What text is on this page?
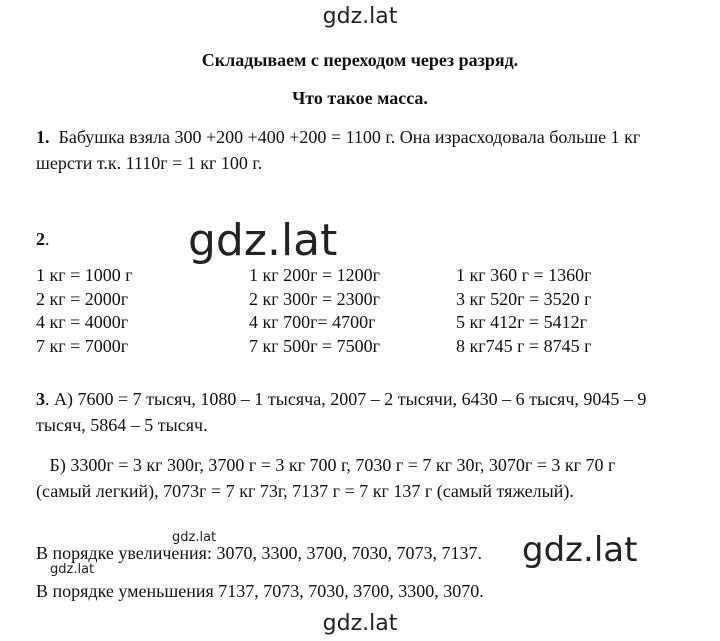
gdz.lat
Складываем с переходом через разряд.
Что такое масса.
1. Бабушка взяла 300 +200 +400 +200 = 1100 г. Она израсходовала больше 1 кг шерсти т.к. 1110г = 1 кг 100 г.
2.
1 кг = 1000 г
2 кг = 2000г
4 кг = 4000г
7 кг = 7000г
1 кг 200г = 1200г
2 кг 300г = 2300г
4 кг 700г= 4700г
7 кг 500г = 7500г
1 кг 360 г = 1360г
3 кг 520г = 3520 г
5 кг 412г = 5412г
8 кг745 г = 8745 г
3. А) 7600 = 7 тысяч, 1080 – 1 тысяча, 2007 – 2 тысячи, 6430 – 6 тысяч, 9045 – 9 тысяч, 5864 – 5 тысяч.
Б) 3300г = 3 кг 300г, 3700 г = 3 кг 700 г, 7030 г = 7 кг 30г, 3070г = 3 кг 70 г (самый легкий), 7073г = 7 кг 73г, 7137 г = 7 кг 137 г (самый тяжелый).
В порядке увеличения: 3070, 3300, 3700, 7030, 7073, 7137.
В порядке уменьшения 7137, 7073, 7030, 3700, 3300, 3070.
gdz.lat
gdz.lat
gdz.lat	gdz.lat
gdz.lat
